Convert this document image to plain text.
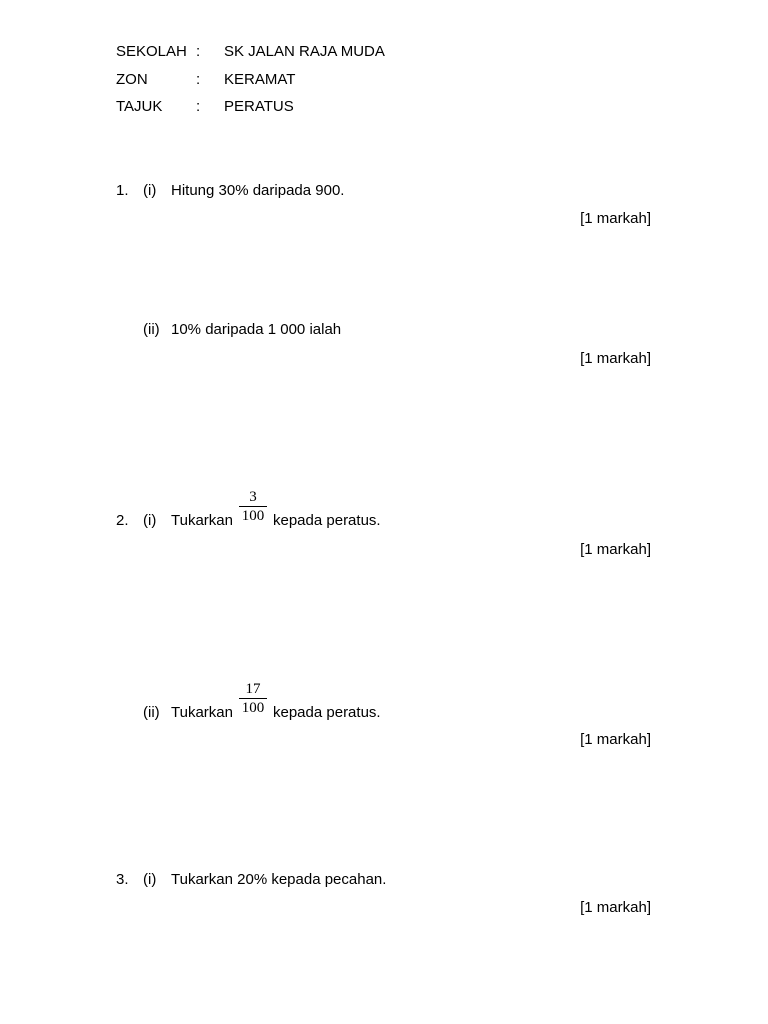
SEKOLAH : SK JALAN RAJA MUDA
ZON	: KERAMAT
TAJUK : PERATUS
1. (i) Hitung 30% daripada 900.
[1 markah]
(ii) 10% daripada 1 000 ialah
[1 markah]
2. (i) Tukarkan
3
100 kepada peratus.
[1 markah]
(ii) Tukarkan
17
100 kepada peratus.
[1 markah]
3. (i) Tukarkan 20% kepada pecahan.
[1 markah]
